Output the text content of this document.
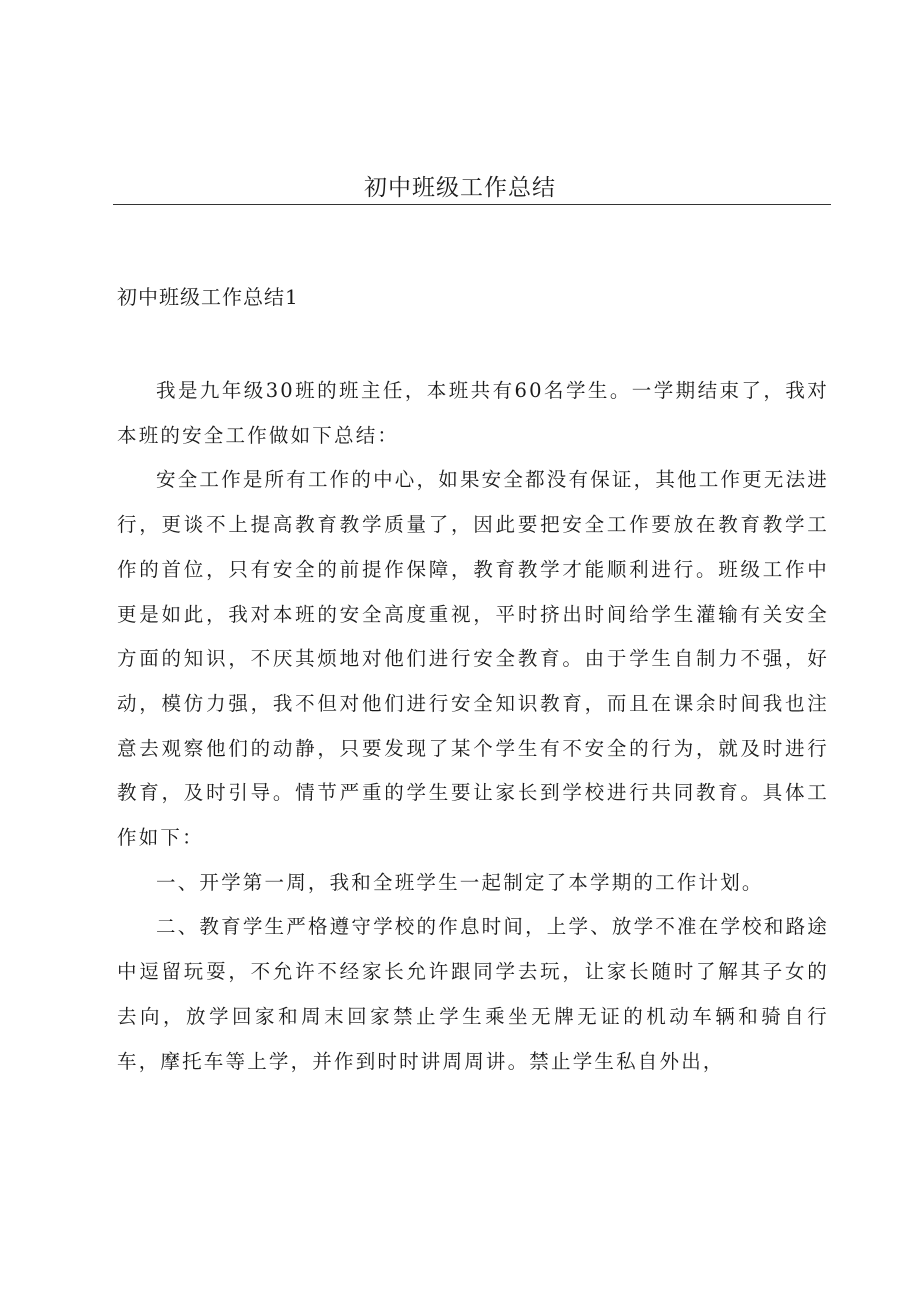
初中班级工作总结
初中班级工作总结1

我是九年级30班的班主任，本班共有60名学生。一学期结束了，我对本班的安全工作做如下总结：

安全工作是所有工作的中心，如果安全都没有保证，其他工作更无法进行，更谈不上提高教育教学质量了，因此要把安全工作要放在教育教学工作的首位，只有安全的前提作保障，教育教学才能顺利进行。班级工作中更是如此，我对本班的安全高度重视，平时挤出时间给学生灌输有关安全方面的知识，不厌其烦地对他们进行安全教育。由于学生自制力不强，好动，模仿力强，我不但对他们进行安全知识教育，而且在课余时间我也注意去观察他们的动静，只要发现了某个学生有不安全的行为，就及时进行教育，及时引导。情节严重的学生要让家长到学校进行共同教育。具体工作如下：

一、开学第一周，我和全班学生一起制定了本学期的工作计划。

二、教育学生严格遵守学校的作息时间，上学、放学不准在学校和路途中逗留玩耍，不允许不经家长允许跟同学去玩，让家长随时了解其子女的去向，放学回家和周末回家禁止学生乘坐无牌无证的机动车辆和骑自行车，摩托车等上学，并作到时时讲周周讲。禁止学生私自外出，
